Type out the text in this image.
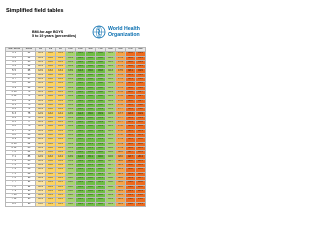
Simplified field tables
BMI-for-age BOYS
5 to 19 years (percentiles)
World Health
Organization
Year: Month	Month	1st	3rd	5th	15th	25th	50th	75th	85th	95th	97th	99th
5: 1	61	12.9	13.2	13.4	13.9	14.3	15.0	15.8	16.3	17.4	18.0	19.4
5: 2	62	12.9	13.2	13.4	13.9	14.3	15.0	15.8	16.3	17.4	18.0	19.4
5: 3	63	12.9	13.2	13.4	13.9	14.3	15.0	15.8	16.3	17.4	18.0	19.4
5: 4	64	12.9	13.2	13.4	13.9	14.3	15.0	15.8	16.3	17.4	18.0	19.5
5: 5	65	12.9	13.2	13.4	13.9	14.3	15.0	15.8	16.3	17.5	18.1	19.5
5: 6	66	12.9	13.2	13.4	13.9	14.3	15.0	15.8	16.3	17.5	18.1	19.5
5: 7	67	12.9	13.2	13.4	13.9	14.3	15.0	15.8	16.3	17.5	18.1	19.6
5: 8	68	12.9	13.2	13.4	13.9	14.3	15.0	15.8	16.4	17.5	18.1	19.6
5: 9	69	12.9	13.2	13.4	13.9	14.3	15.0	15.8	16.4	17.5	18.2	19.6
5: 10	70	12.9	13.2	13.4	13.9	14.3	15.0	15.8	16.4	17.6	18.2	19.7
5: 11	71	12.9	13.2	13.4	13.9	14.3	15.0	15.8	16.4	17.6	18.2	19.7
6: 0	72	12.9	13.2	13.4	13.9	14.3	15.0	15.8	16.4	17.6	18.2	19.7
6: 1	73	12.9	13.2	13.4	13.9	14.3	15.0	15.8	16.4	17.6	18.3	19.8
6: 2	74	12.9	13.2	13.4	13.9	14.3	15.0	15.9	16.4	17.7	18.3	19.8
6: 3	75	12.9	13.2	13.4	13.9	14.3	15.0	15.9	16.5	17.7	18.3	19.9
6: 4	76	12.9	13.2	13.4	13.9	14.3	15.0	15.9	16.5	17.7	18.4	19.9
6: 5	77	12.9	13.2	13.4	13.9	14.3	15.0	15.9	16.5	17.7	18.4	20.0
6: 6	78	12.9	13.2	13.4	13.9	14.3	15.0	15.9	16.5	17.8	18.4	20.0
6: 7	79	12.9	13.2	13.4	13.9	14.3	15.0	15.9	16.5	17.8	18.5	20.1
6: 8	80	12.9	13.2	13.4	13.9	14.3	15.0	15.9	16.5	17.8	18.5	20.1
6: 9	81	12.9	13.2	13.4	13.9	14.3	15.1	15.9	16.6	17.9	18.5	20.2
6: 10	82	12.9	13.2	13.4	13.9	14.3	15.1	15.9	16.6	17.9	18.6	20.2
6: 11	83	12.9	13.2	13.4	13.9	14.3	15.1	16.0	16.6	17.9	18.6	20.3
7: 0	84	12.9	13.2	13.4	13.9	14.3	15.1	16.0	16.6	18.0	18.7	20.3
7: 1	85	12.9	13.2	13.4	13.9	14.3	15.1	16.0	16.6	18.0	18.7	20.4
7: 2	86	12.9	13.2	13.4	13.9	14.4	15.1	16.0	16.7	18.0	18.8	20.5
7: 3	87	12.9	13.2	13.4	13.9	14.4	15.1	16.0	16.7	18.1	18.8	20.5
7: 4	88	12.9	13.2	13.4	13.9	14.4	15.1	16.0	16.7	18.1	18.8	20.6
7: 5	89	12.9	13.2	13.5	14.0	14.4	15.2	16.1	16.7	18.1	18.9	20.6
7: 6	90	12.9	13.2	13.5	14.0	14.4	15.2	16.1	16.8	18.2	18.9	20.7
7: 7	91	12.9	13.3	13.5	14.0	14.4	15.2	16.1	16.8	18.2	19.0	20.8
7: 8	92	12.9	13.3	13.5	14.0	14.4	15.2	16.1	16.8	18.2	19.0	20.8
7: 9	93	12.9	13.3	13.5	14.0	14.4	15.2	16.1	16.8	18.3	19.1	20.9
7: 10	94	12.9	13.3	13.5	14.0	14.4	15.2	16.2	16.9	18.3	19.1	21.0
7: 11	95	12.9	13.3	13.5	14.0	14.5	15.2	16.2	16.9	18.4	19.2	21.0
8: 0	96	13.0	13.3	13.5	14.0	14.5	15.3	16.2	16.9	18.4	19.2	21.1
